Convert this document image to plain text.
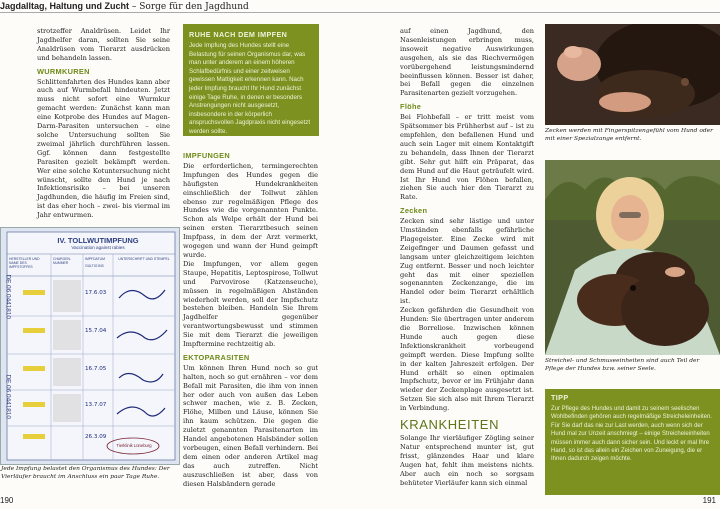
Jagdalltag, Haltung und Zucht – Sorge für den Jagdhund

strotzeffer Analdrüsen. Leidet Ihr Jagdhelfer daran, sollten Sie seine Analdrüsen vom Tierarzt ausdrücken und behandeln lassen.

WURMKUREN

Schlittenfahrten des Hundes kann aber auch auf Wurmbefall hindeuten. Jetzt muss nicht sofort eine Wurmkur gemacht werden: Zunächst kann man eine Kotprobe des Hundes auf Magen-Darm-Parasiten untersuchen – eine solche Untersuchung sollten Sie zweimal jährlich durchführen lassen. Ggf. können dann festgestellte Parasiten gezielt bekämpft werden. Wer eine solche Kotuntersuchung nicht wünscht, sollte den Hund je nach Infektionsrisiko – bei unseren Jagdhunden, die häufig im Freien sind, ist das eher hoch – zwei- bis viermal im Jahr entwurmen.

IV. TOLLWUTIMPFUNG
Vaccination against rabies
HERSTELLER UND NAME DES IMPFSTOFFES
CHARGEN-NUMMER
IMPFDATUM
GÜLTIG BIS
UNTERSCHRIFT UND STEMPEL
DE 06 0441810
DE 06 0441810
17.6.03
15.7.04
16.7.05
13.7.07
26.3.09
Tierklinik Lüneburg
Jede Impfung belastet den Organismus des Hundes: Der Vierläufer braucht im Anschluss ein paar Tage Ruhe.
RUHE NACH DEM IMPFEN
Jede Impfung des Hundes stellt eine Belastung für seinen Organismus dar, was man unter anderem an einem höheren Schlafbedürfnis und einer zeitweisen gewissen Mattigkeit erkennen kann. Nach jeder Impfung braucht Ihr Hund zunächst einige Tage Ruhe, in denen er besonders Anstrengungen nicht ausgesetzt, insbesondere in der körperlich anspruchsvollen Jagdpraxis nicht eingesetzt werden sollte.
IMPFUNGEN

Die erforderlichen, termingerechten Impfungen des Hundes gegen die häufigsten Hundekrankheiten einschließlich der Tollwut zählen ebenso zur regelmäßigen Pflege des Hundes wie die vorgenannten Punkte. Schon als Welpe erhält der Hund bei seinen ersten Tierarztbesuch seinen Impfpass, in dem der Arzt vermerkt, wogegen und wann der Hund geimpft wurde.

Die Impfungen, vor allem gegen Staupe, Hepatitis, Leptospirose, Tollwut und Parvovirose (Katzenseuche), müssen in regelmäßigen Abständen wiederholt werden, soll der Impfschutz bestehen bleiben. Handeln Sie Ihrem Jagdhelfer gegenüber verantwortungsbewusst und stimmen Sie mit dem Tierarzt die jeweiligen Impftermine rechtzeitig ab.

EKTOPARASITEN

Um können Ihren Hund noch so gut halten, noch so gut ernähren – vor dem Befall mit Parasiten, die ihm von innen her oder auch von außen das Leben schwer machen, wie z. B. Zecken, Flöhe, Milben und Läuse, können Sie ihn kaum schützen. Die gegen die zuletzt genannten Parasitenarten im Handel angebotenen Halsbänder sollen vorbeugen, einen Befall verhindern. Bei dem einen oder anderen Artikel mag das auch zutreffen. Nicht auszuschließen ist aber, dass von diesen Halsbändern gerade

auf einen Jagdhund, den Nasenleistungen erbringen muss, insoweit negative Auswirkungen ausgehen, als sie das Riechvermögen vorübergehend leistungsmindernd beeinflussen können. Besser ist daher, bei Befall gegen die einzelnen Parasitenarten gezielt vorzugehen.

Flöhe

Bei Flohbefall – er tritt meist vom Spätsommer bis Frühherbst auf – ist zu empfehlen, den befallenen Hund und auch sein Lager mit einem Kontaktgift zu behandeln, dass Ihnen der Tierarzt gibt. Sehr gut hilft ein Präparat, das dem Hund auf die Haut geträufelt wird. Ist Ihr Hund von Flöhen befallen, ziehen Sie auch hier den Tierarzt zu Rate.

Zecken

Zecken sind sehr lästige und unter Umständen ebenfalls gefährliche Plagegeister. Eine Zecke wird mit Zeigefinger und Daumen gefasst und langsam unter gleichzeitigem leichten Zug entfernt. Besser und noch leichter geht das mit einer speziellen sogenannten Zeckenzange, die im Handel oder beim Tierarzt erhältlich ist.

Zecken gefährden die Gesundheit von Hunden: Sie übertragen unter anderem die Borreliose. Inzwischen können Hunde auch gegen diese Infektionskrankheit vorbeugend geimpft werden. Diese Impfung sollte in der kalten Jahreszeit erfolgen. Der Hund erhält so einen optimalen Impfschutz, bevor er im Frühjahr dann wieder der Zeckenplage ausgesetzt ist. Setzen Sie sich also mit Ihrem Tierarzt in Verbindung.

KRANKHEITEN

Solange Ihr vierläufiger Zögling seiner Natur entsprechend munter ist, gut frisst, glänzendes Haar und klare Augen hat, fehlt ihm meistens nichts. Aber auch ein noch so sorgsam behüteter Vierläufer kann sich einmal

Zecken werden mit Fingerspitzengefühl vom Hund oder mit einer Spezialzange entfernt.
Streichel- und Schmuseeinheiten sind auch Teil der Pflege der Hundes bzw. seiner Seele.
TIPP
Zur Pflege des Hundes und damit zu seinem seelischen Wohlbefinden gehören auch regelmäßige Streicheleinheiten. Für Sie darf das nie zur Last werden, auch wenn sich der Hund mal zur Unzeit anschmiegt – einige Streicheleinheiten müssen immer auch dann sicher sein. Und leckt er mal Ihre Hand, so ist das allein ein Zeichen von Zuneigung, die er Ihnen dadurch zeigen möchte.
190	191
